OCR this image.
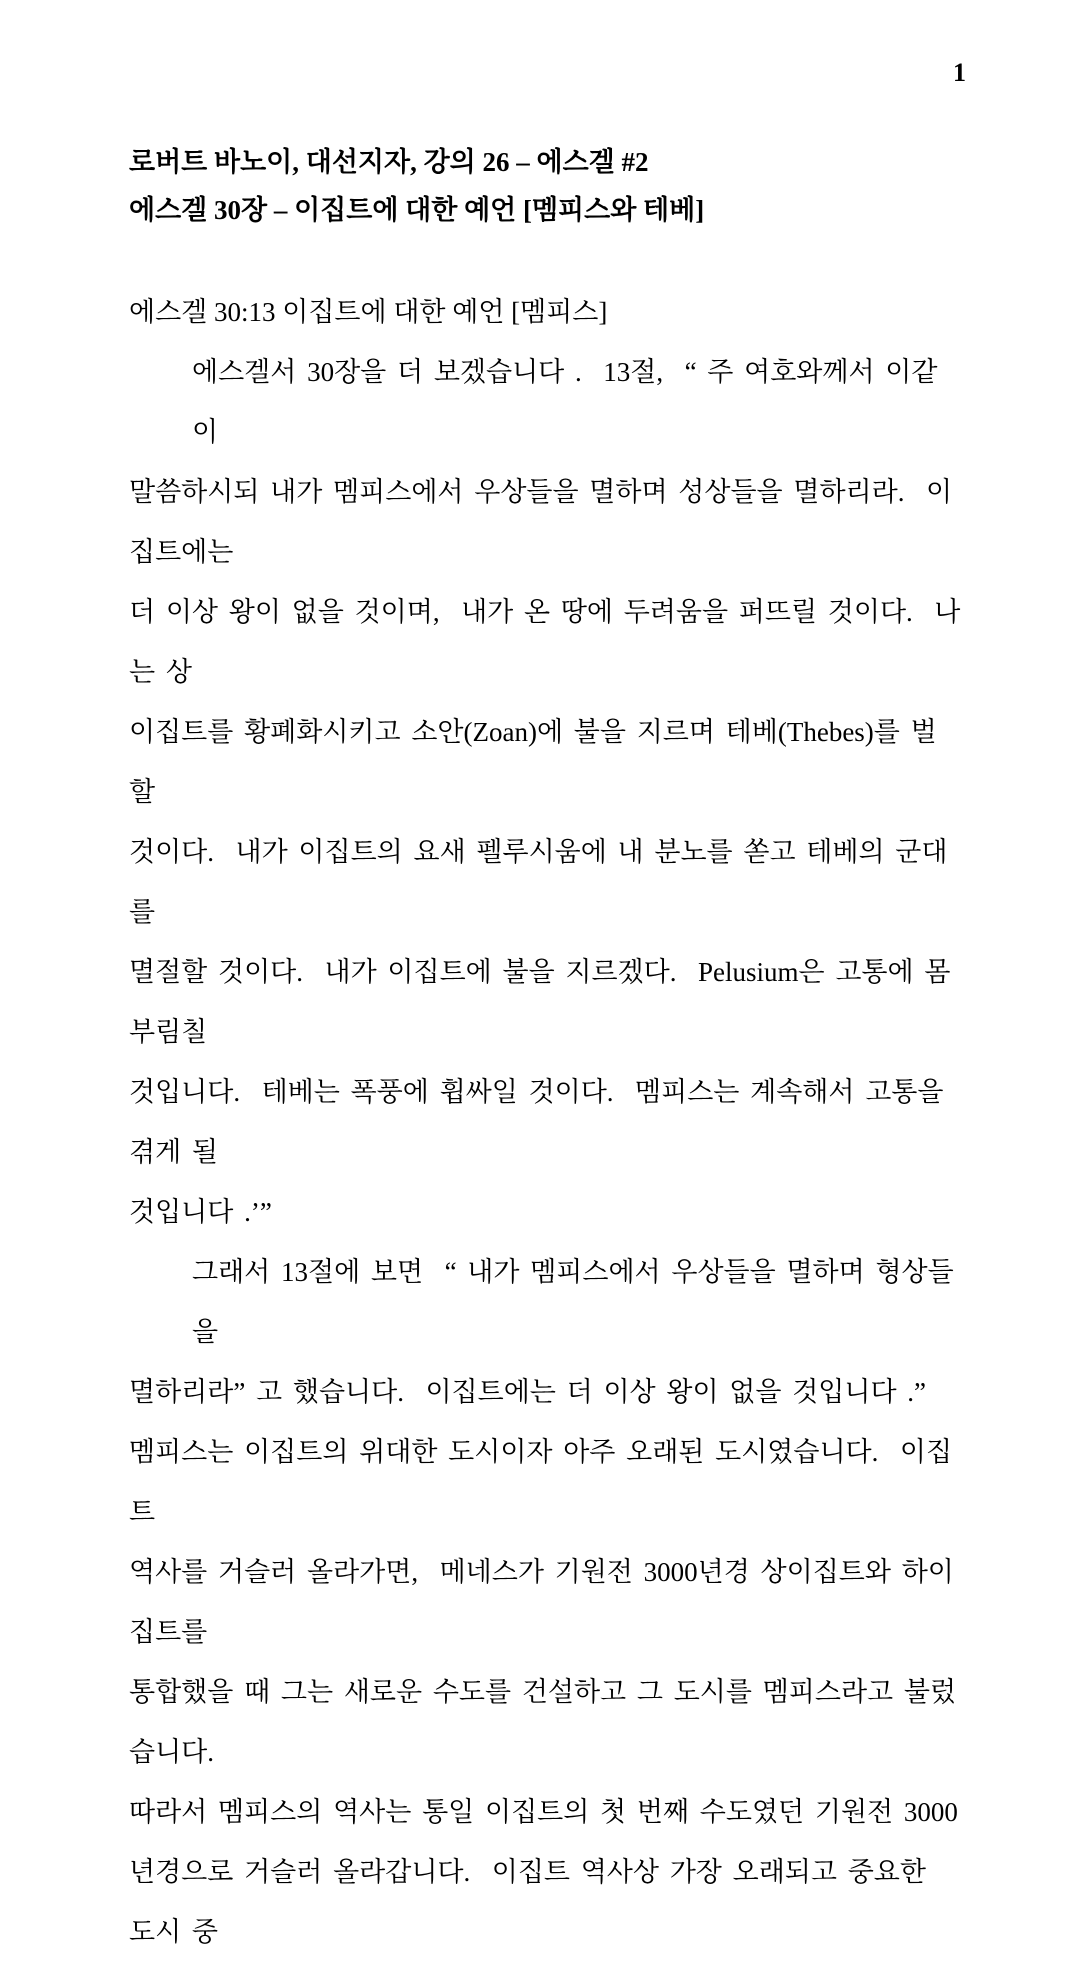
1
로버트 바노이, 대선지자, 강의 26 – 에스겔 #2
에스겔 30장 – 이집트에 대한 예언 [멤피스와 테베]
에스겔 30:13 이집트에 대한 예언 [멤피스]
에스겔서 30장을 더 보겠습니다 .  13절,  “ 주 여호와께서 이같이
말씀하시되 내가 멤피스에서 우상들을 멸하며 성상들을 멸하리라.  이집트에는
더 이상 왕이 없을 것이며,  내가 온 땅에 두려움을 퍼뜨릴 것이다.  나는 상
이집트를 황폐화시키고 소안(Zoan)에 불을 지르며 테베(Thebes)를 벌할
것이다.  내가 이집트의 요새 펠루시움에 내 분노를 쏟고 테베의 군대를
멸절할 것이다.  내가 이집트에 불을 지르겠다.  Pelusium은 고통에 몸부림칠
것입니다.  테베는 폭풍에 휩싸일 것이다.  멤피스는 계속해서 고통을 겪게 될
것입니다 .’”
그래서 13절에 보면  “ 내가 멤피스에서 우상들을 멸하며 형상들을
멸하리라” 고 했습니다.  이집트에는 더 이상 왕이 없을 것입니다 .”
멤피스는 이집트의 위대한 도시이자 아주 오래된 도시였습니다.  이집트
역사를 거슬러 올라가면,  메네스가 기원전 3000년경 상이집트와 하이집트를
통합했을 때 그는 새로운 수도를 건설하고 그 도시를 멤피스라고 불렀습니다.
따라서 멤피스의 역사는 통일 이집트의 첫 번째 수도였던 기원전 3000
년경으로 거슬러 올라갑니다.  이집트 역사상 가장 오래되고 중요한 도시 중
